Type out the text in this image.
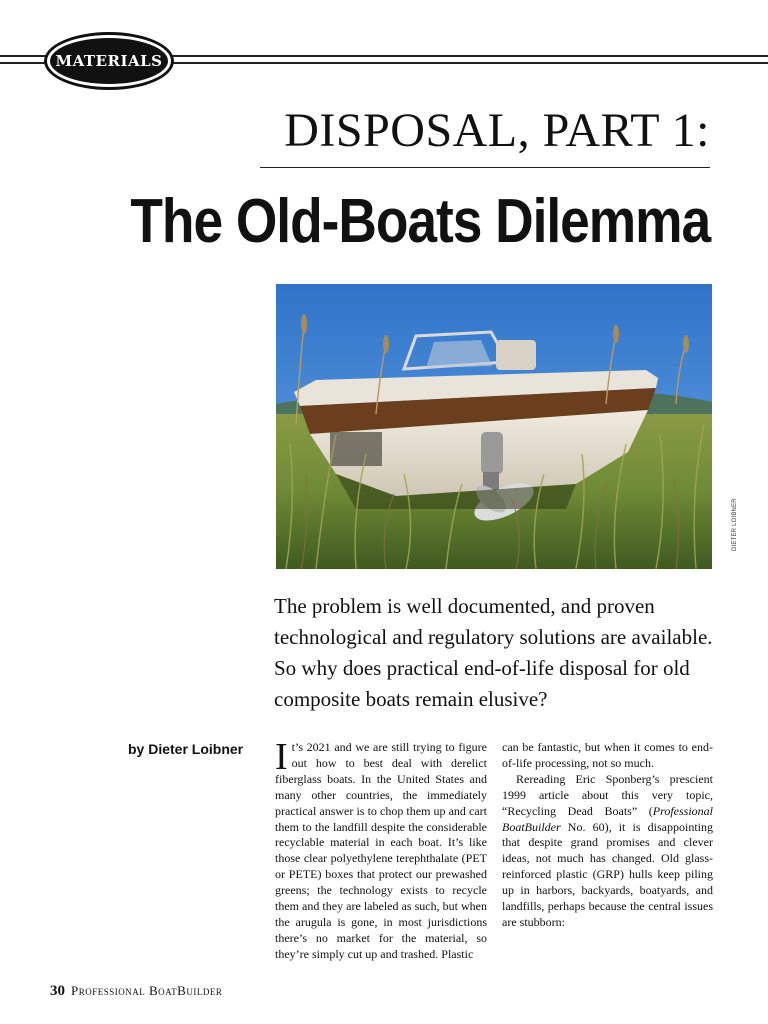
MATERIALS
DISPOSAL, PART 1:
The Old-Boats Dilemma
DIETER LOIBNER
The problem is well documented, and proven technological and regulatory solutions are available. So why does practical end-of-life disposal for old composite boats remain elusive?
by Dieter Loibner It’s 2021 and we are still trying to figure out how to best deal with derelict fiberglass boats. In the United States and many other countries, the immediately practical answer is to chop them up and cart them to the landfill despite the considerable recyclable material in each boat. It’s like those clear polyethylene terephthalate (PET or PETE) boxes that protect our prewashed greens; the technology exists to recycle them and they are labeled as such, but when the arugula is gone, in most jurisdictions there’s no market for the material, so they’re simply cut up and trashed. Plastic
can be fantastic, but when it comes to end-of-life processing, not so much.
Rereading Eric Sponberg’s prescient 1999 article about this very topic, “Recycling Dead Boats” (Professional BoatBuilder No. 60), it is disappointing that despite grand promises and clever ideas, not much has changed. Old glass-reinforced plastic (GRP) hulls keep piling up in harbors, backyards, boatyards, and landfills, perhaps because the central issues are stubborn:
30 Professional BoatBuilder
